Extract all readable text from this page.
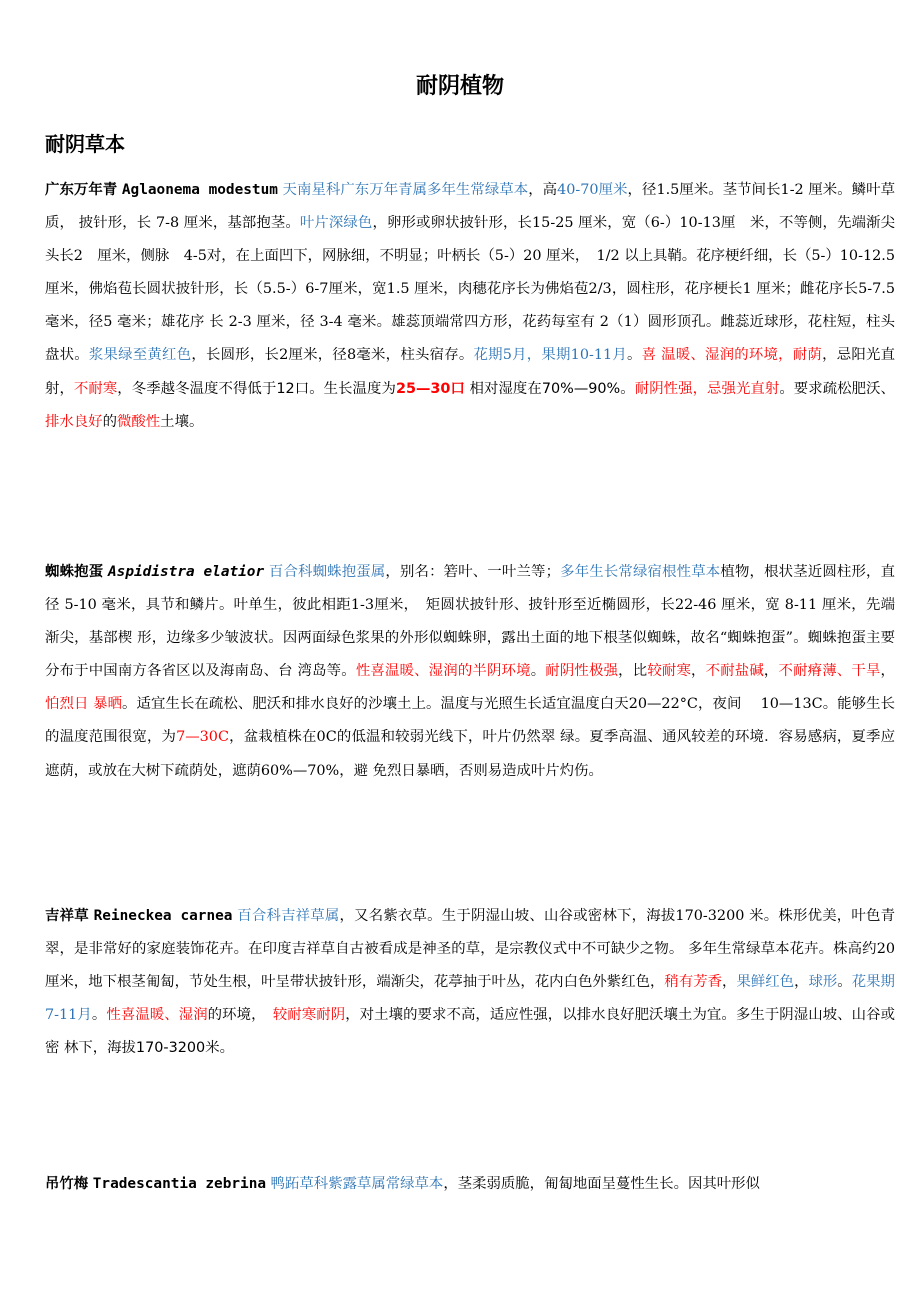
耐阴植物
耐阴草本
广东万年青 Aglaonema modestum 天南星科广东万年青属多年生常绿草本，高40-70厘米，径1.5厘米。茎节间长1-2 厘米。鳞叶草质， 披针形，长 7-8 厘米，基部抱茎。叶片深绿色，卵形或卵状披针形，长15-25 厘米，宽（6-）10-13厘　米，不等侧，先端渐尖头长2　厘米，侧脉　4-5对，在上面凹下，网脉细，不明显；叶柄长（5-）20 厘米，　1/2 以上具鞘。花序梗纤细，长（5-）10-12.5厘米，佛焰苞长圆状披针形，长（5.5-）6-7厘米，宽1.5 厘米，肉穗花序长为佛焰苞2/3，圆柱形，花序梗长1 厘米；雌花序长5-7.5 毫米，径5 毫米；雄花序 长 2-3 厘米，径 3-4 毫米。雄蕊顶端常四方形，花药每室有 2（1）圆形顶孔。雌蕊近球形，花柱短，柱头盘状。浆果绿至黄红色，长圆形，长2厘米，径8毫米，柱头宿存。花期5月，果期10-11月。喜 温暖、湿润的环境，耐荫，忌阳光直射，不耐寒，冬季越冬温度不得低于12口。生长温度为25—30口 相对湿度在70%—90%。耐阴性强，忌强光直射。要求疏松肥沃、排水良好的微酸性土壤。
蜘蛛抱蛋 Aspidistra elatior 百合科蜘蛛抱蛋属，别名：箬叶、一叶兰等；多年生长常绿宿根性草本植物，根状茎近圆柱形，直径 5-10 毫米，具节和鳞片。叶单生，彼此相距1-3厘米，　矩圆状披针形、披针形至近椭圆形，长22-46 厘米，宽 8-11 厘米，先端渐尖，基部楔 形，边缘多少皱波状。因两面绿色浆果的外形似蜘蛛卵，露出土面的地下根茎似蜘蛛，故名“蜘蛛抱蛋”。蜘蛛抱蛋主要分布于中国南方各省区以及海南岛、台 湾岛等。性喜温暖、湿润的半阴环境。耐阴性极强，比较耐寒，不耐盐碱，不耐瘠薄、干旱，怕烈日 暴晒。适宜生长在疏松、肥沃和排水良好的沙壤土上。温度与光照生长适宜温度白天20—22°C，夜间　 10—13C。能够生长的温度范围很宽，为7—30C，盆栽植株在0C的低温和较弱光线下，叶片仍然翠 绿。夏季高温、通风较差的环境．容易感病，夏季应遮荫，或放在大树下疏荫处，遮荫60%—70%，避 免烈日暴晒，否则易造成叶片灼伤。
吉祥草 Reineckea carnea 百合科吉祥草属，又名紫衣草。生于阴湿山坡、山谷或密林下，海拔170-3200 米。株形优美，叶色青 翠，是非常好的家庭装饰花卉。在印度吉祥草自古被看成是神圣的草，是宗教仪式中不可缺少之物。 多年生常绿草本花卉。株高约20 厘米，地下根茎匍匐，节处生根，叶呈带状披针形，端渐尖，花葶抽于叶丛，花内白色外紫红色，稍有芳香，果鲜红色，球形。花果期7-11月。性喜温暖、湿润的环境，　较耐寒耐阴，对土壤的要求不高，适应性强，以排水良好肥沃壤土为宜。多生于阴湿山坡、山谷或密 林下，海拔170-3200米。
吊竹梅 Tradescantia zebrina 鸭跖草科紫露草属常绿草本，茎柔弱质脆，匍匐地面呈蔓性生长。因其叶形似
